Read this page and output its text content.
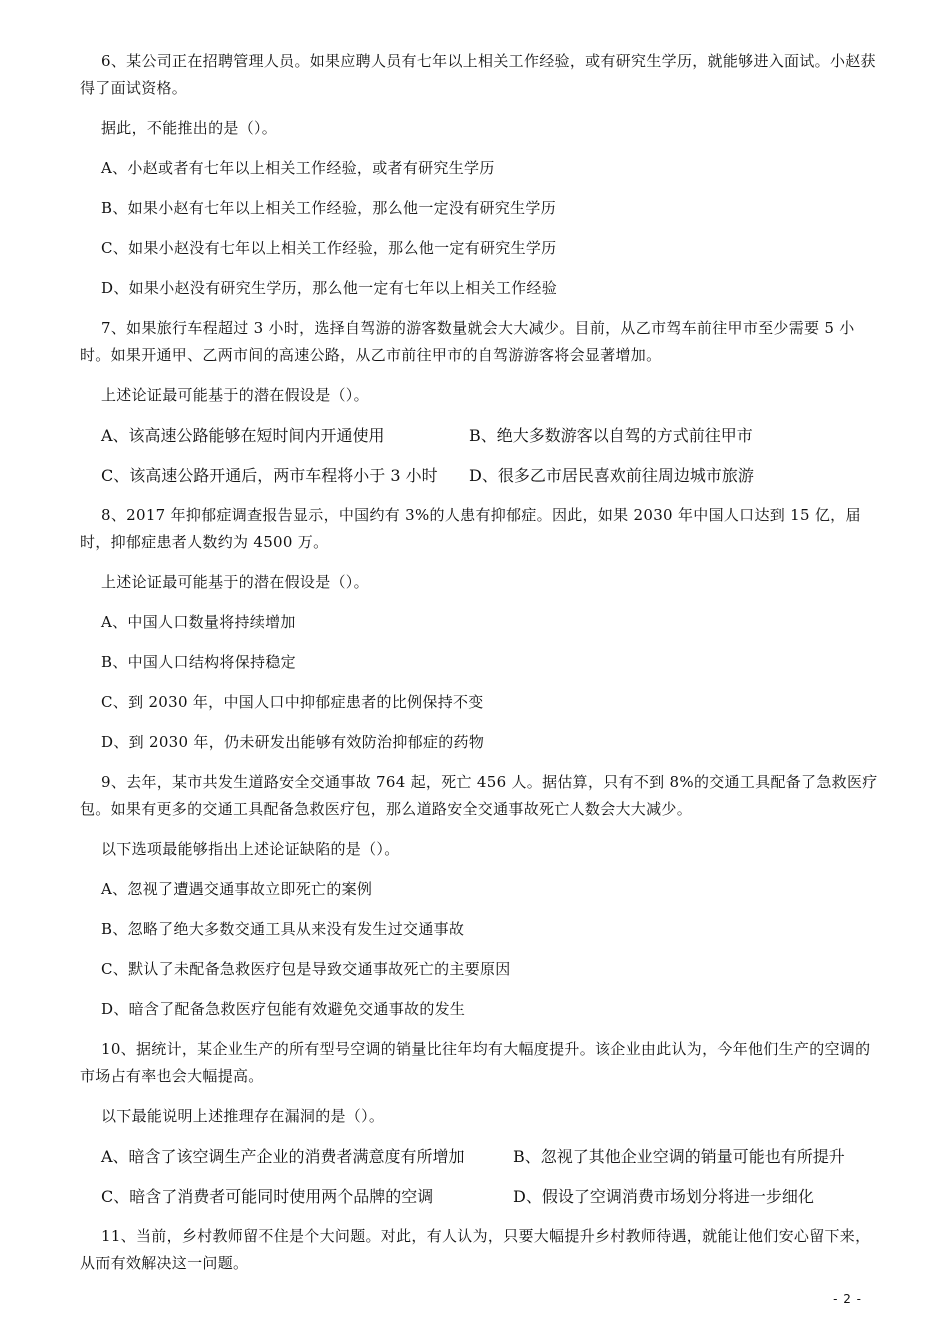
6、某公司正在招聘管理人员。如果应聘人员有七年以上相关工作经验，或有研究生学历，就能够进入面试。小赵获得了面试资格。

据此，不能推出的是（）。

A、小赵或者有七年以上相关工作经验，或者有研究生学历

B、如果小赵有七年以上相关工作经验，那么他一定没有研究生学历

C、如果小赵没有七年以上相关工作经验，那么他一定有研究生学历

D、如果小赵没有研究生学历，那么他一定有七年以上相关工作经验

7、如果旅行车程超过 3 小时，选择自驾游的游客数量就会大大减少。目前，从乙市驾车前往甲市至少需要 5 小时。如果开通甲、乙两市间的高速公路，从乙市前往甲市的自驾游游客将会显著增加。

上述论证最可能基于的潜在假设是（）。

A、该高速公路能够在短时间内开通使用	B、绝大多数游客以自驾的方式前往甲市
C、该高速公路开通后，两市车程将小于 3 小时	D、很多乙市居民喜欢前往周边城市旅游

8、2017 年抑郁症调查报告显示，中国约有 3%的人患有抑郁症。因此，如果 2030 年中国人口达到 15 亿，届时，抑郁症患者人数约为 4500 万。

上述论证最可能基于的潜在假设是（）。

A、中国人口数量将持续增加

B、中国人口结构将保持稳定

C、到 2030 年，中国人口中抑郁症患者的比例保持不变

D、到 2030 年，仍未研发出能够有效防治抑郁症的药物

9、去年，某市共发生道路安全交通事故 764 起，死亡 456 人。据估算，只有不到 8%的交通工具配备了急救医疗包。如果有更多的交通工具配备急救医疗包，那么道路安全交通事故死亡人数会大大减少。

以下选项最能够指出上述论证缺陷的是（）。

A、忽视了遭遇交通事故立即死亡的案例

B、忽略了绝大多数交通工具从来没有发生过交通事故

C、默认了未配备急救医疗包是导致交通事故死亡的主要原因

D、暗含了配备急救医疗包能有效避免交通事故的发生

10、据统计，某企业生产的所有型号空调的销量比往年均有大幅度提升。该企业由此认为，今年他们生产的空调的市场占有率也会大幅提高。

以下最能说明上述推理存在漏洞的是（）。

A、暗含了该空调生产企业的消费者满意度有所增加	B、忽视了其他企业空调的销量可能也有所提升
C、暗含了消费者可能同时使用两个品牌的空调	D、假设了空调消费市场划分将进一步细化

11、当前，乡村教师留不住是个大问题。对此，有人认为，只要大幅提升乡村教师待遇，就能让他们安心留下来，从而有效解决这一问题。

- 2 -
